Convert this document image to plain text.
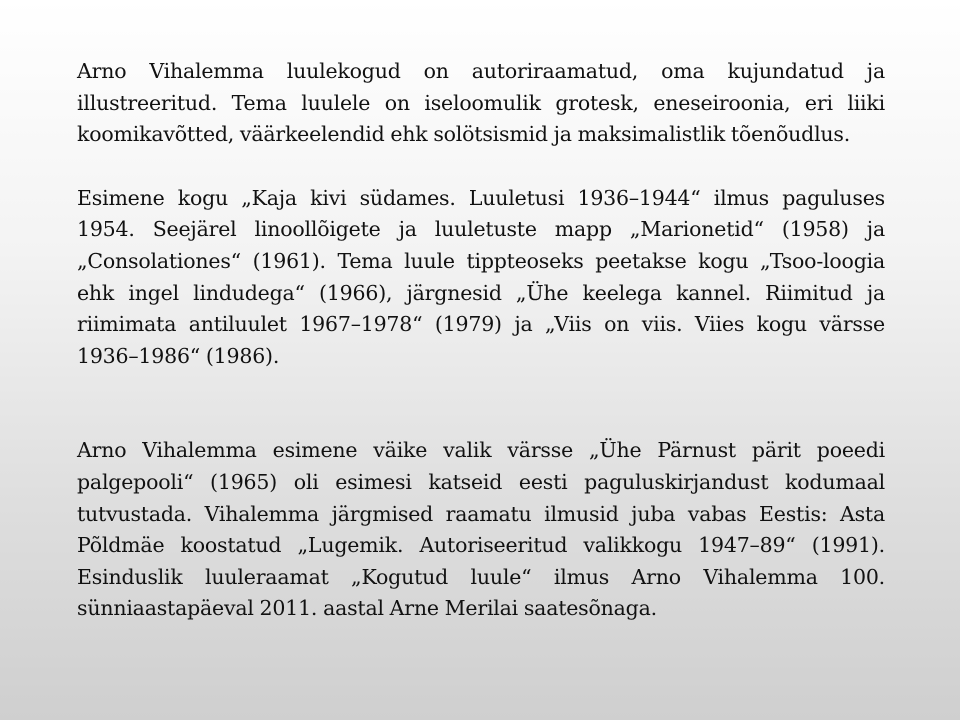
Arno Vihalemma luulekogud on autoriraamatud, oma kujundatud ja illustreeritud. Tema luulele on iseloomulik grotesk, eneseiroonia, eri liiki koomikavõtted, väärkeelendid ehk solötsismid ja maksimalistlik tõenõudlus.

Esimene kogu „Kaja kivi südames. Luuletusi 1936–1944“ ilmus paguluses 1954. Seejärel linoollõigete ja luuletuste mapp „Marionetid“ (1958) ja „Consolationes“ (1961). Tema luule tippteoseks peetakse kogu „Tsoo-loogia ehk ingel lindudega“ (1966), järgnesid „Ühe keelega kannel. Riimitud ja riimimata antiluulet 1967–1978“ (1979) ja „Viis on viis. Viies kogu värsse 1936–1986“ (1986).

Arno Vihalemma esimene väike valik värsse „Ühe Pärnust pärit poeedi palgepooli“ (1965) oli esimesi katseid eesti paguluskirjandust kodumaal tutvustada. Vihalemma järgmised raamatu ilmusid juba vabas Eestis: Asta Põldmäe koostatud „Lugemik. Autoriseeritud valikkogu 1947–89“ (1991). Esinduslik luuleraamat „Kogutud luule“ ilmus Arno Vihalemma 100. sünniaastapäeval 2011. aastal Arne Merilai saatesõnaga.
